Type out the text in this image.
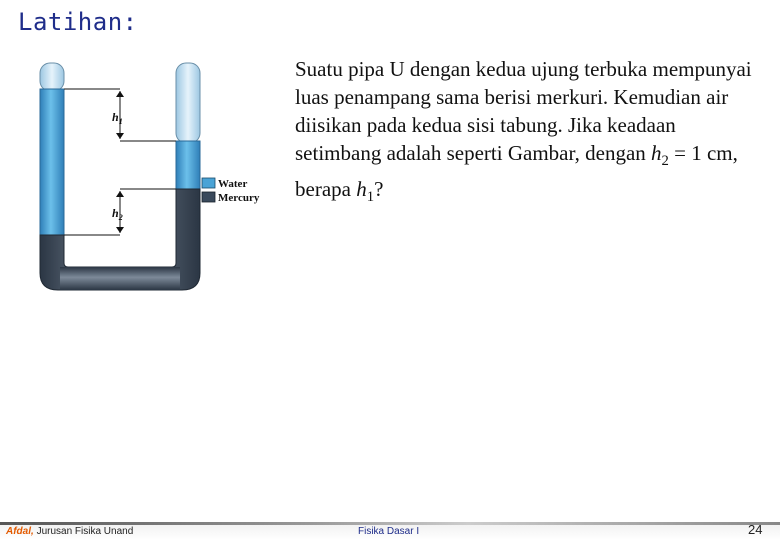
Latihan:
$h_1$
$h_2$
Water
Mercury
Suatu pipa U dengan kedua ujung terbuka mempunyai luas penampang sama berisi merkuri. Kemudian air diisikan pada kedua sisi tabung. Jika keadaan setimbang adalah seperti Gambar, dengan $h_2 = 1$ cm, berapa $h_1$?
Afdal, Jurusan Fisika Unand	Fisika Dasar I	24
